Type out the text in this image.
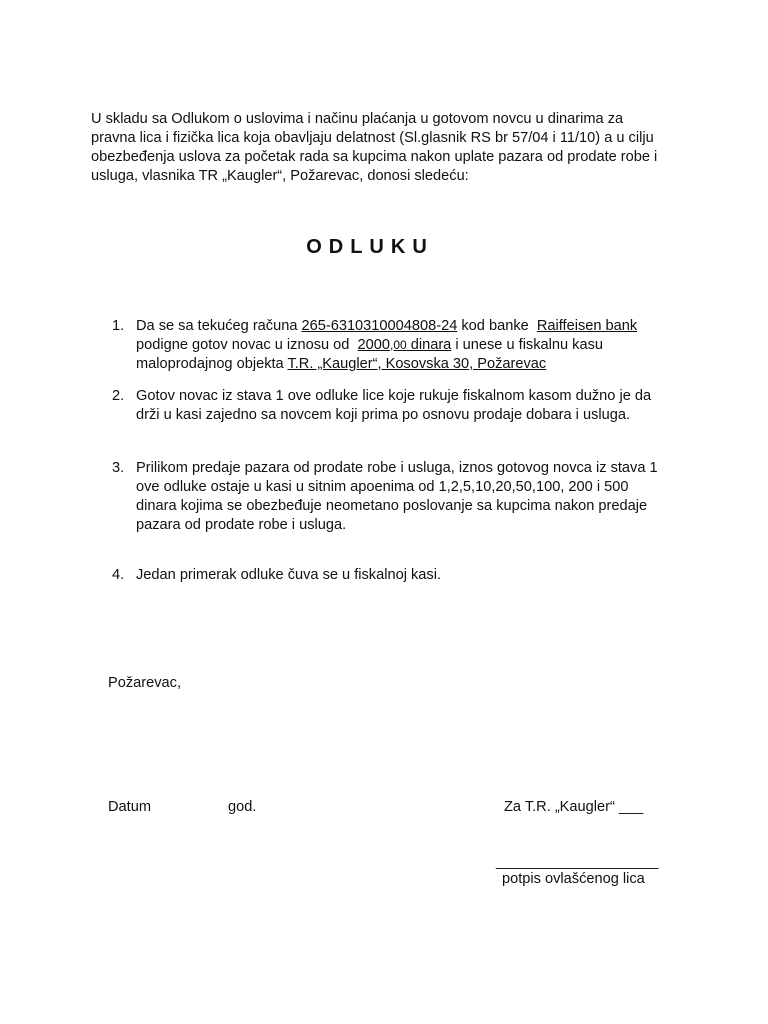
U skladu sa Odlukom o uslovima i načinu plaćanja u gotovom novcu u dinarima za
pravna lica i fizička lica koja obavljaju delatnost (Sl.glasnik RS br 57/04 i 11/10) a u cilju
obezbeđenja uslova za početak rada sa kupcima nakon uplate pazara od prodate robe i
usluga, vlasnika TR „Kaugler“, Požarevac, donosi sledeću:
ODLUKU
1. Da se sa tekućeg računa 265-6310310004808-24 kod banke  Raiffeisen bank
podigne gotov novac u iznosu od  2000,00 dinara i unese u fiskalnu kasu
maloprodajnog objekta T.R. „Kaugler“, Kosovska 30, Požarevac
2. Gotov novac iz stava 1 ove odluke lice koje rukuje fiskalnom kasom dužno je da
drži u kasi zajedno sa novcem koji prima po osnovu prodaje dobara i usluga.
3. Prilikom predaje pazara od prodate robe i usluga, iznos gotovog novca iz stava 1
ove odluke ostaje u kasi u sitnim apoenima od 1,2,5,10,20,50,100, 200 i 500
dinara kojima se obezbeđuje neometano poslovanje sa kupcima nakon predaje
pazara od prodate robe i usluga.
4. Jedan primerak odluke čuva se u fiskalnoj kasi.
Požarevac,
Datum	god.	Za T.R. „Kaugler“ ___
____________________
potpis ovlašćenog lica
